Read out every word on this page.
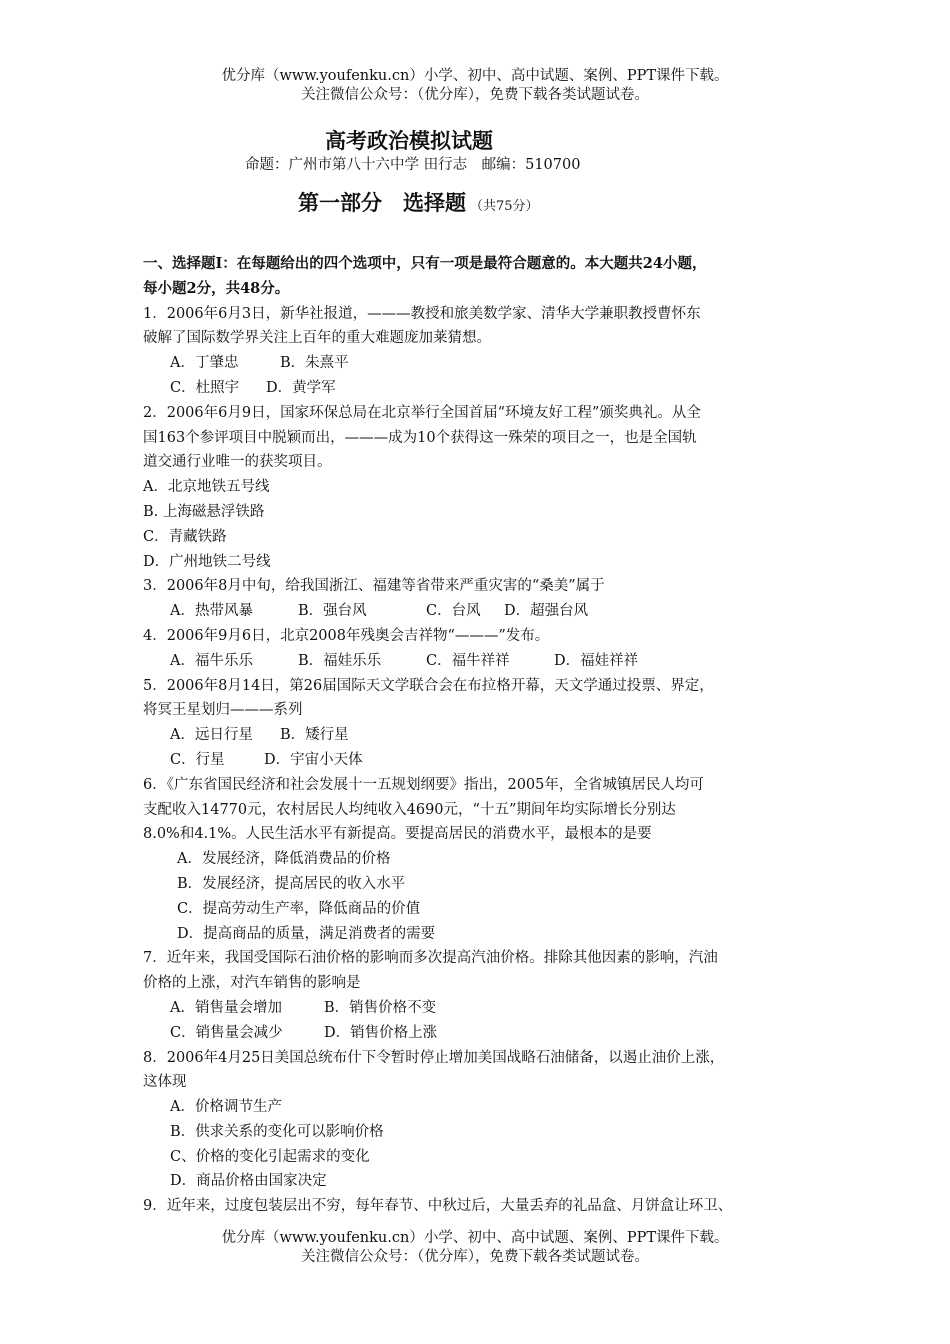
优分库（www.youfenku.cn）小学、初中、高中试题、案例、PPT课件下载。
关注微信公众号：（优分库），免费下载各类试题试卷。
高考政治模拟试题
命题：广州市第八十六中学 田行志　邮编：510700
第一部分　选择题 （共75分）
一、选择题I：在每题给出的四个选项中，只有一项是最符合题意的。本大题共24小题，
每小题2分，共48分。
1．2006年6月3日，新华社报道，———教授和旅美数学家、清华大学兼职教授曹怀东
破解了国际数学界关注上百年的重大难题庞加莱猜想。
A．丁肇忠	B．朱熹平
C．杜照宇 D．黄学军
2．2006年6月9日，国家环保总局在北京举行全国首届“环境友好工程”颁奖典礼。从全
国163个参评项目中脱颖而出，———成为10个获得这一殊荣的项目之一，也是全国轨
道交通行业唯一的获奖项目。
A．北京地铁五号线
B. 上海磁悬浮铁路
C．青藏铁路
D．广州地铁二号线
3．2006年8月中旬，给我国浙江、福建等省带来严重灾害的“桑美”属于
A．热带风暴	B．强台风	C．台风 D．超强台风
4．2006年9月6日，北京2008年残奥会吉祥物“———”发布。
A．福牛乐乐	B．福娃乐乐	C．福牛祥祥	D．福娃祥祥
5．2006年8月14日，第26届国际天文学联合会在布拉格开幕，天文学通过投票、界定，
将冥王星划归———系列
A．远日行星 B．矮行星
C．行星	D．宇宙小天体
6．《广东省国民经济和社会发展十一五规划纲要》指出，2005年，全省城镇居民人均可
支配收入14770元，农村居民人均纯收入4690元，“十五”期间年均实际增长分别达
8.0%和4.1%。人民生活水平有新提高。要提高居民的消费水平，最根本的是要
A．发展经济，降低消费品的价格
B．发展经济，提高居民的收入水平
C．提高劳动生产率，降低商品的价值
D．提高商品的质量，满足消费者的需要
7．近年来，我国受国际石油价格的影响而多次提高汽油价格。排除其他因素的影响，汽油
价格的上涨，对汽车销售的影响是
A．销售量会增加	B．销售价格不变
C．销售量会减少	D．销售价格上涨
8．2006年4月25日美国总统布什下令暂时停止增加美国战略石油储备，以遏止油价上涨，
这体现
A．价格调节生产
B．供求关系的变化可以影响价格
C、价格的变化引起需求的变化
D．商品价格由国家决定
9．近年来，过度包装层出不穷，每年春节、中秋过后，大量丢弃的礼品盒、月饼盒让环卫、
优分库（www.youfenku.cn）小学、初中、高中试题、案例、PPT课件下载。
关注微信公众号：（优分库），免费下载各类试题试卷。
